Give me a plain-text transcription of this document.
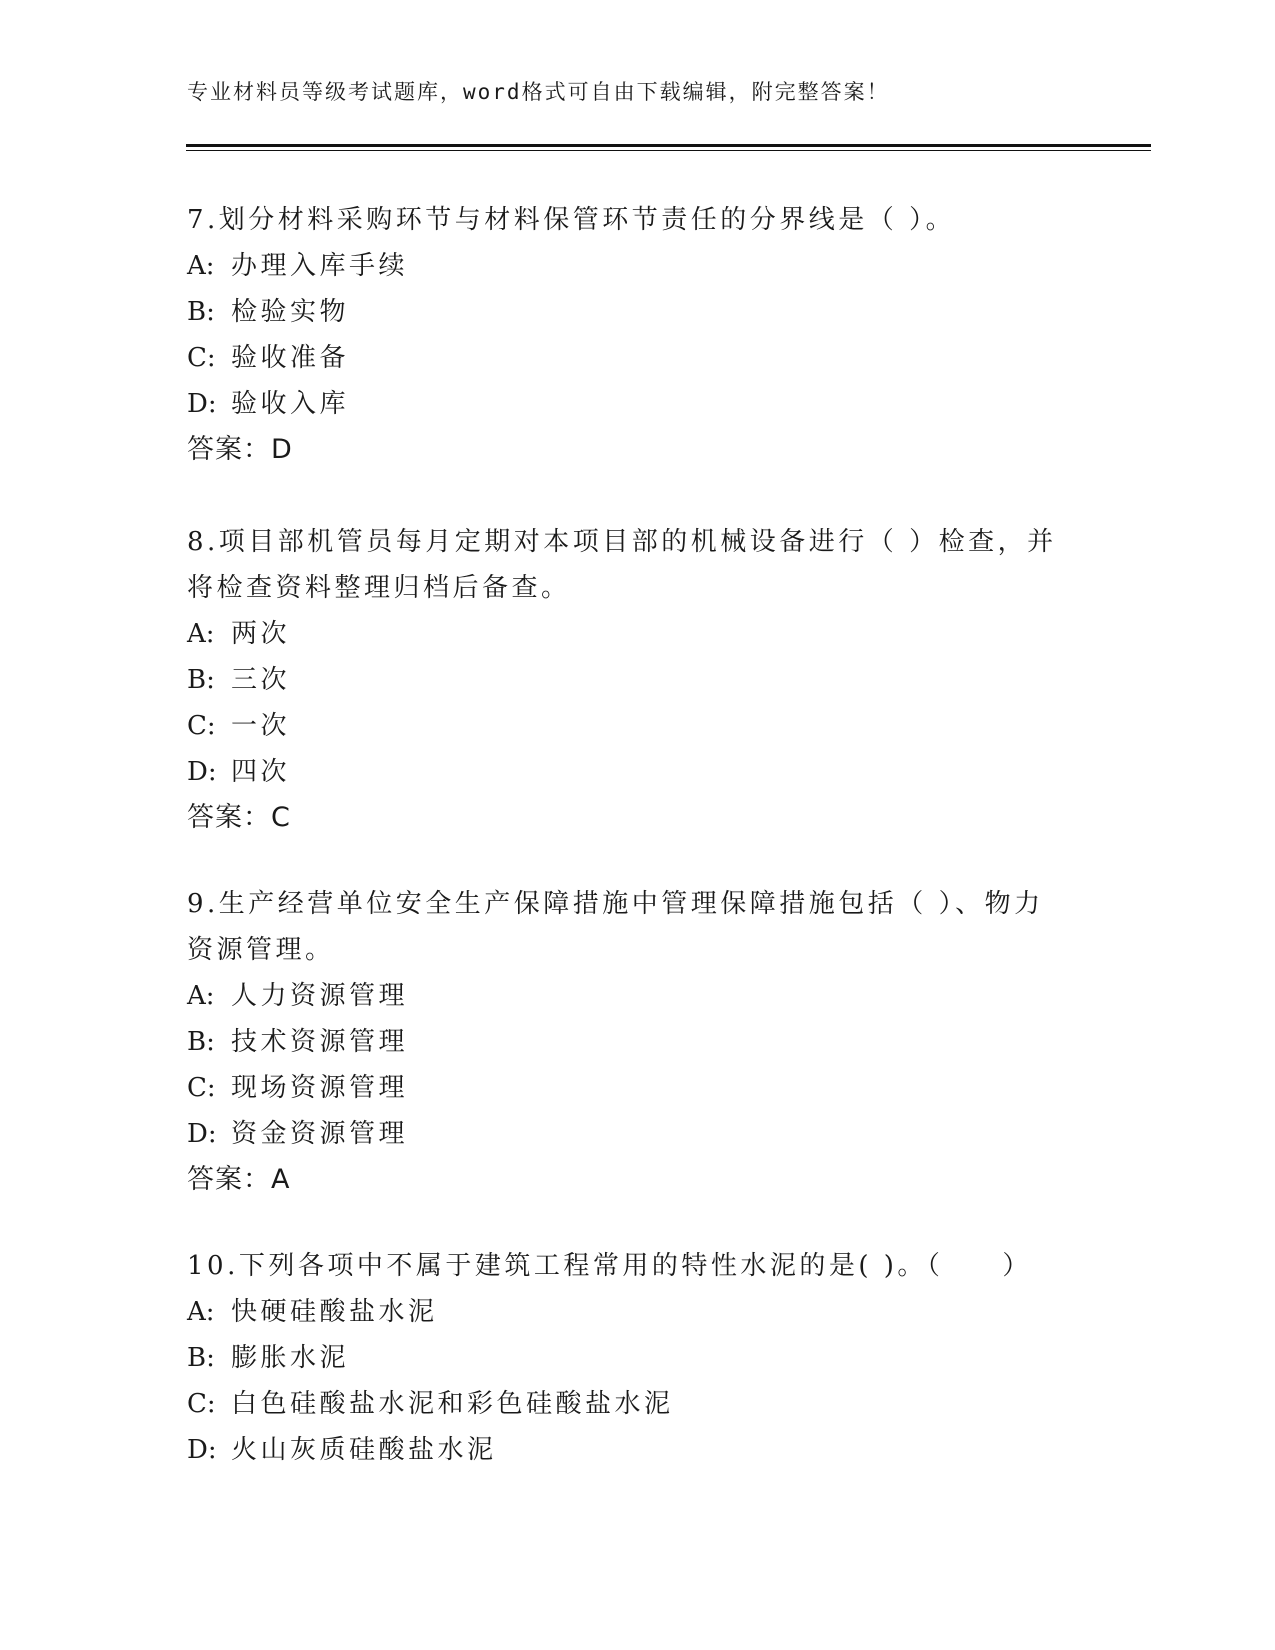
专业材料员等级考试题库，word格式可自由下载编辑，附完整答案！

7.划分材料采购环节与材料保管环节责任的分界线是（ ）。

A: 办理入库手续

B: 检验实物

C: 验收准备

D: 验收入库

答案：D

8.项目部机管员每月定期对本项目部的机械设备进行（ ）检查，并将检查资料整理归档后备查。

A: 两次

B: 三次

C: 一次

D: 四次

答案：C

9.生产经营单位安全生产保障措施中管理保障措施包括（ ）、物力资源管理。

A: 人力资源管理

B: 技术资源管理

C: 现场资源管理

D: 资金资源管理

答案：A

10.下列各项中不属于建筑工程常用的特性水泥的是( )。（　　）

A: 快硬硅酸盐水泥

B: 膨胀水泥

C: 白色硅酸盐水泥和彩色硅酸盐水泥

D: 火山灰质硅酸盐水泥
